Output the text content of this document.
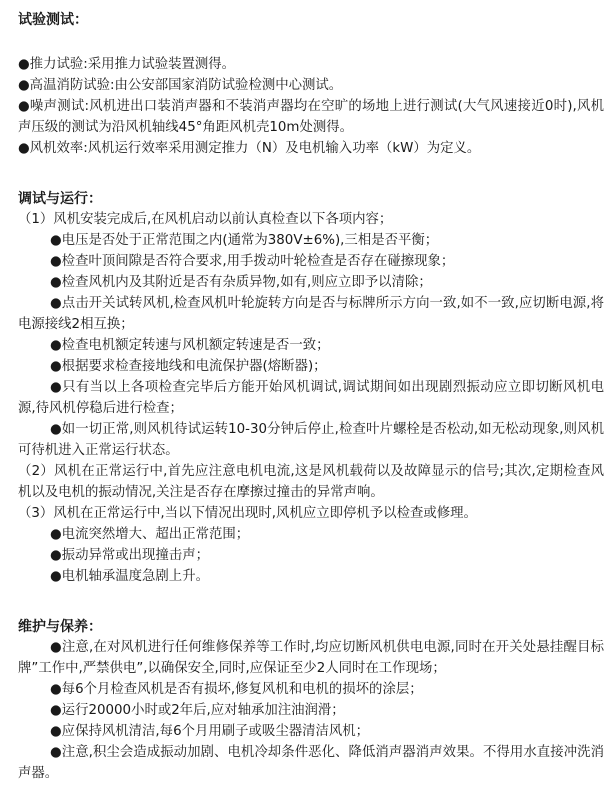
试验测试：

●推力试验:采用推力试验装置测得。

●高温消防试验:由公安部国家消防试验检测中心测试。

●噪声测试:风机进出口装消声器和不装消声器均在空旷的场地上进行测试(大气风速接近0时),风机声压级的测试为沿风机轴线45°角距风机壳10m处测得。

●风机效率:风机运行效率采用测定推力（N）及电机输入功率（kW）为定义。

调试与运行：

（1）风机安装完成后,在风机启动以前认真检查以下各项内容；

●电压是否处于正常范围之内(通常为380V±6%),三相是否平衡；

●检查叶顶间隙是否符合要求,用手拨动叶轮检查是否存在碰擦现象；

●检查风机内及其附近是否有杂质异物,如有,则应立即予以清除；

●点击开关试转风机,检查风机叶轮旋转方向是否与标牌所示方向一致,如不一致,应切断电源,将电源接线2相互换；

●检查电机额定转速与风机额定转速是否一致；

●根据要求检查接地线和电流保护器(熔断器)；

●只有当以上各项检查完毕后方能开始风机调试,调试期间如出现剧烈振动应立即切断风机电源,待风机停稳后进行检查；

●如一切正常,则风机待试运转10-30分钟后停止,检查叶片螺栓是否松动,如无松动现象,则风机可待机进入正常运行状态。

（2）风机在正常运行中,首先应注意电机电流,这是风机载荷以及故障显示的信号;其次,定期检查风机以及电机的振动情况,关注是否存在摩擦过撞击的异常声响。

（3）风机在正常运行中,当以下情况出现时,风机应立即停机予以检查或修理。

●电流突然增大、超出正常范围；

●振动异常或出现撞击声；

●电机轴承温度急剧上升。

维护与保养：

●注意,在对风机进行任何维修保养等工作时,均应切断风机供电电源,同时在开关处悬挂醒目标牌”工作中,严禁供电”,以确保安全,同时,应保证至少2人同时在工作现场；

●每6个月检查风机是否有损坏,修复风机和电机的损坏的涂层；

●运行20000小时或2年后,应对轴承加注油润滑；

●应保持风机清洁,每6个月用刷子或吸尘器清洁风机；

●注意,积尘会造成振动加剧、电机冷却条件恶化、降低消声器消声效果。不得用水直接冲洗消声器。
